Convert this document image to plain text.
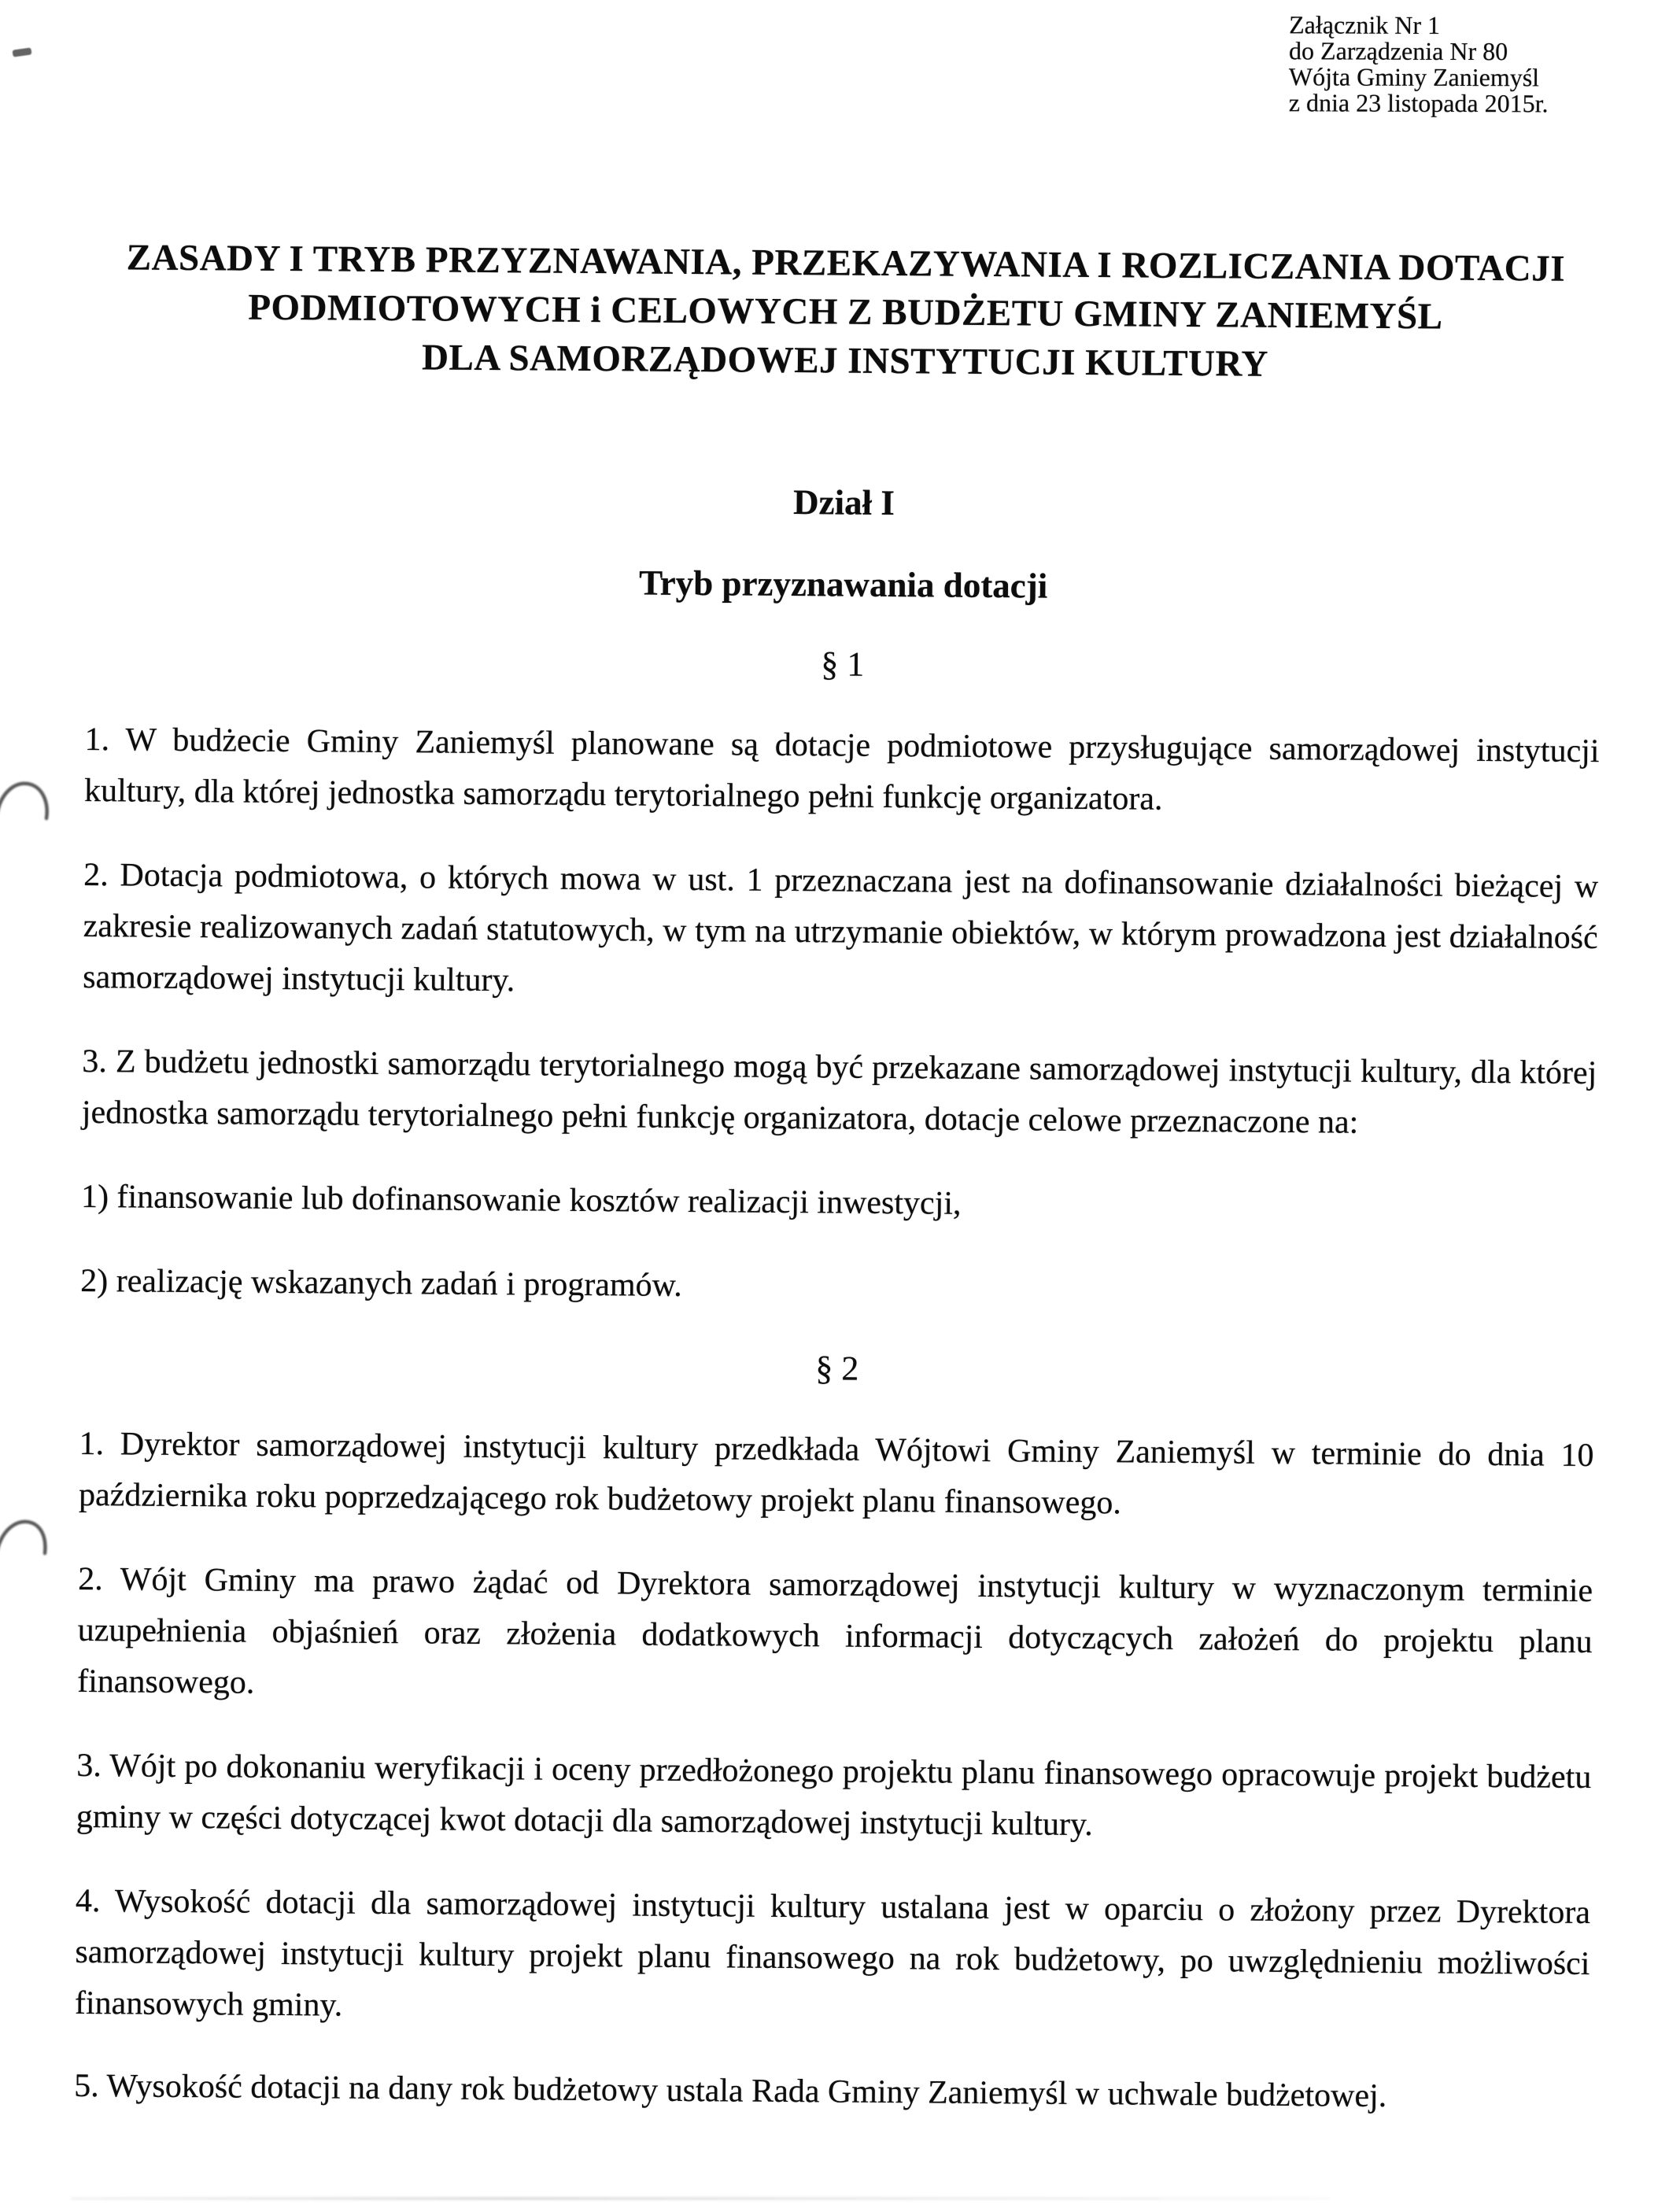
Załącznik Nr 1
do Zarządzenia Nr 80
Wójta Gminy Zaniemyśl
z dnia 23 listopada 2015r.
ZASADY I TRYB PRZYZNAWANIA, PRZEKAZYWANIA I ROZLICZANIA DOTACJI
PODMIOTOWYCH i CELOWYCH Z BUDŻETU GMINY ZANIEMYŚL
DLA SAMORZĄDOWEJ INSTYTUCJI KULTURY
Dział I
Tryb przyznawania dotacji
§ 1

1. W budżecie Gminy Zaniemyśl planowane są dotacje podmiotowe przysługujące samorządowej instytucji kultury, dla której jednostka samorządu terytorialnego pełni funkcję organizatora.

2. Dotacja podmiotowa, o których mowa w ust. 1 przeznaczana jest na dofinansowanie działalności bieżącej w zakresie realizowanych zadań statutowych, w tym na utrzymanie obiektów, w którym prowadzona jest działalność samorządowej instytucji kultury.

3. Z budżetu jednostki samorządu terytorialnego mogą być przekazane samorządowej instytucji kultury, dla której jednostka samorządu terytorialnego pełni funkcję organizatora, dotacje celowe przeznaczone na:

1) finansowanie lub dofinansowanie kosztów realizacji inwestycji,

2) realizację wskazanych zadań i programów.

§ 2

1. Dyrektor samorządowej instytucji kultury przedkłada Wójtowi Gminy Zaniemyśl w terminie do dnia 10 października roku poprzedzającego rok budżetowy projekt planu finansowego.

2. Wójt Gminy ma prawo żądać od Dyrektora samorządowej instytucji kultury w wyznaczonym terminie uzupełnienia objaśnień oraz złożenia dodatkowych informacji dotyczących założeń do projektu planu finansowego.

3. Wójt po dokonaniu weryfikacji i oceny przedłożonego projektu planu finansowego opracowuje projekt budżetu gminy w części dotyczącej kwot dotacji dla samorządowej instytucji kultury.

4. Wysokość dotacji dla samorządowej instytucji kultury ustalana jest w oparciu o złożony przez Dyrektora samorządowej instytucji kultury projekt planu finansowego na rok budżetowy, po uwzględnieniu możliwości finansowych gminy.

5. Wysokość dotacji na dany rok budżetowy ustala Rada Gminy Zaniemyśl w uchwale budżetowej.
